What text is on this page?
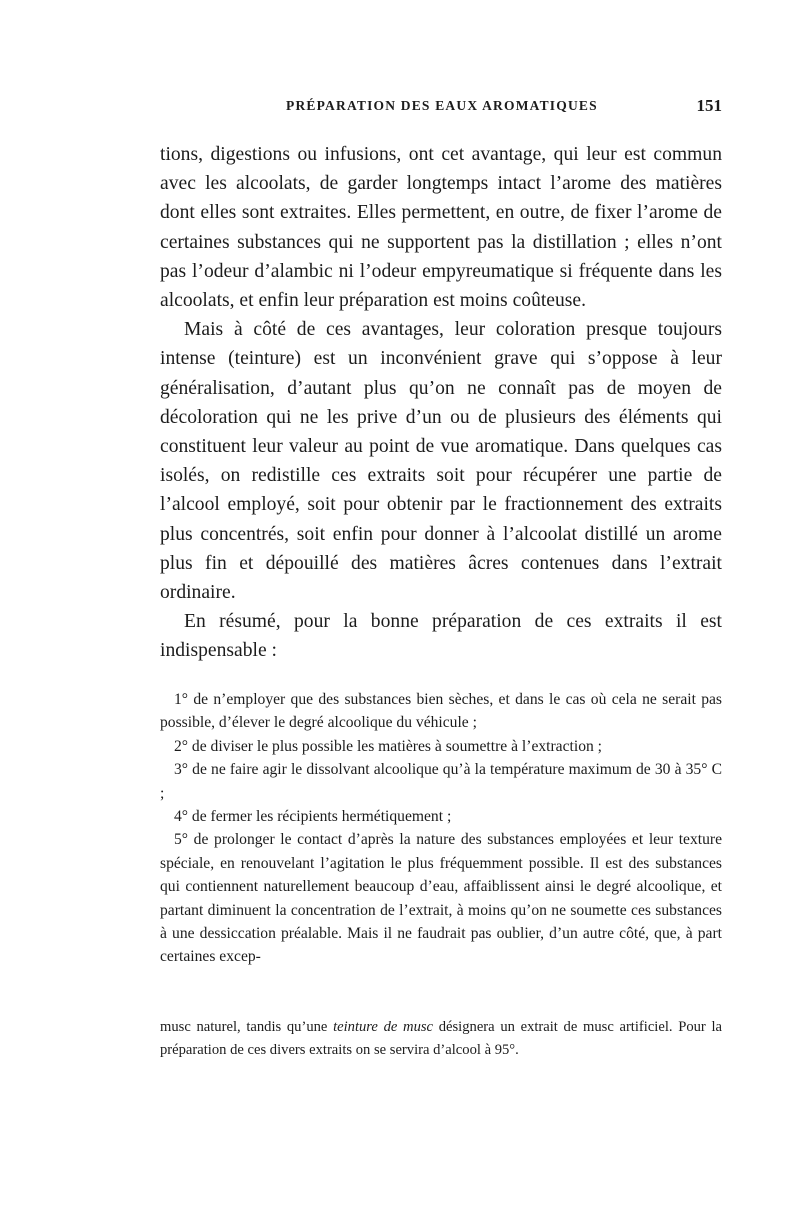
PRÉPARATION DES EAUX AROMATIQUES	151

tions, digestions ou infusions, ont cet avantage, qui leur est commun avec les alcoolats, de garder longtemps intact l’arome des matières dont elles sont extraites. Elles permettent, en outre, de fixer l’arome de certaines substances qui ne supportent pas la distillation ; elles n’ont pas l’odeur d’alambic ni l’odeur empyreumatique si fréquente dans les alcoolats, et enfin leur préparation est moins coûteuse.

Mais à côté de ces avantages, leur coloration presque toujours intense (teinture) est un inconvénient grave qui s’oppose à leur généralisation, d’autant plus qu’on ne connaît pas de moyen de décoloration qui ne les prive d’un ou de plusieurs des éléments qui constituent leur valeur au point de vue aromatique. Dans quelques cas isolés, on redistille ces extraits soit pour récupérer une partie de l’alcool employé, soit pour obtenir par le fractionnement des extraits plus concentrés, soit enfin pour donner à l’alcoolat distillé un arome plus fin et dépouillé des matières âcres contenues dans l’extrait ordinaire.

En résumé, pour la bonne préparation de ces extraits il est indispensable :

1° de n’employer que des substances bien sèches, et dans le cas où cela ne serait pas possible, d’élever le degré alcoolique du véhicule ;

2° de diviser le plus possible les matières à soumettre à l’extraction ;

3° de ne faire agir le dissolvant alcoolique qu’à la température maximum de 30 à 35° C ;

4° de fermer les récipients hermétiquement ;

5° de prolonger le contact d’après la nature des substances employées et leur texture spéciale, en renouvelant l’agitation le plus fréquemment possible. Il est des substances qui contiennent naturellement beaucoup d’eau, affaiblissent ainsi le degré alcoolique, et partant diminuent la concentration de l’extrait, à moins qu’on ne soumette ces substances à une dessiccation préalable. Mais il ne faudrait pas oublier, d’un autre côté, que, à part certaines excep-

musc naturel, tandis qu’une teinture de musc désignera un extrait de musc artificiel. Pour la préparation de ces divers extraits on se servira d’alcool à 95°.
